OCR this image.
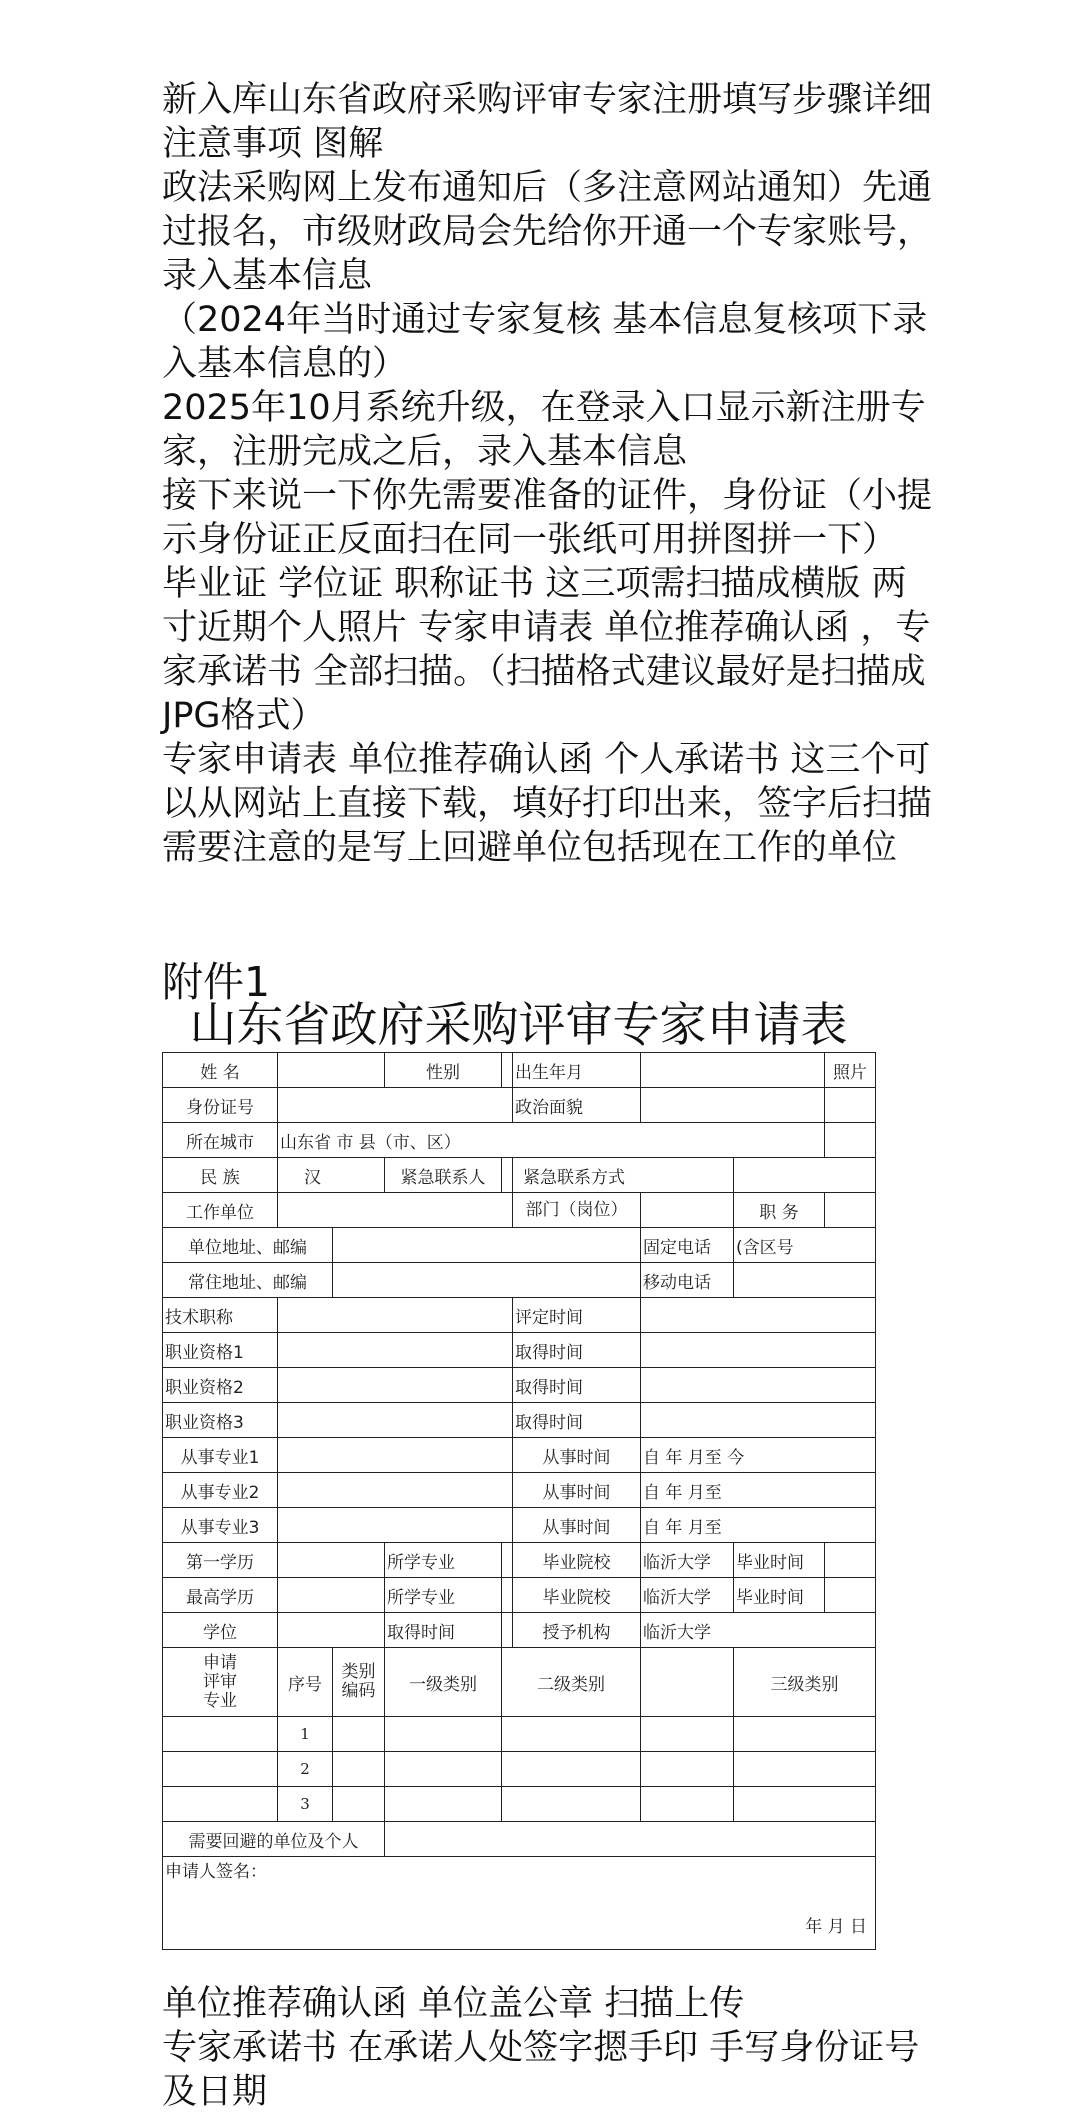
新入库山东省政府采购评审专家注册填写步骤详细注意事项 图解

政法采购网上发布通知后（多注意网站通知）先通过报名，市级财政局会先给你开通一个专家账号，录入基本信息

（2024年当时通过专家复核 基本信息复核项下录入基本信息的）

2025年10月系统升级，在登录入口显示新注册专家，注册完成之后，录入基本信息

接下来说一下你先需要准备的证件，身份证（小提示身份证正反面扫在同一张纸可用拼图拼一下） 毕业证 学位证 职称证书 这三项需扫描成横版 两寸近期个人照片 专家申请表 单位推荐确认函 ，专家承诺书 全部扫描。（扫描格式建议最好是扫描成JPG格式）

专家申请表 单位推荐确认函 个人承诺书 这三个可以从网站上直接下载，填好打印出来，签字后扫描

需要注意的是写上回避单位包括现在工作的单位

附件1
山东省政府采购评审专家申请表
姓 名			性别		出生年月			照片
身份证号					政治面貌			
所在城市	山东省 市 县（市、区）							
民 族	汉		紧急联系人		紧急联系方式			
工作单位					部门（岗位）		职 务	
单位地址、邮编						固定电话	(含区号	
常住地址、邮编						移动电话		
技术职称					评定时间			
职业资格1					取得时间			
职业资格2					取得时间			
职业资格3					取得时间			
从事专业1					从事时间	自 年 月至 今		
从事专业2					从事时间	自 年 月至		
从事专业3					从事时间	自 年 月至		
第一学历			所学专业		毕业院校	临沂大学	毕业时间	
最高学历			所学专业		毕业院校	临沂大学	毕业时间	
学位			取得时间		授予机构	临沂大学		
申请评审专业	序号	类别编码	一级类别	二级类别			三级类别	
	1							
	2							
	3							
需要回避的单位及个人								

申请人签名：
年 月 日								

单位推荐确认函 单位盖公章 扫描上传

专家承诺书 在承诺人处签字摁手印 手写身份证号及日期
